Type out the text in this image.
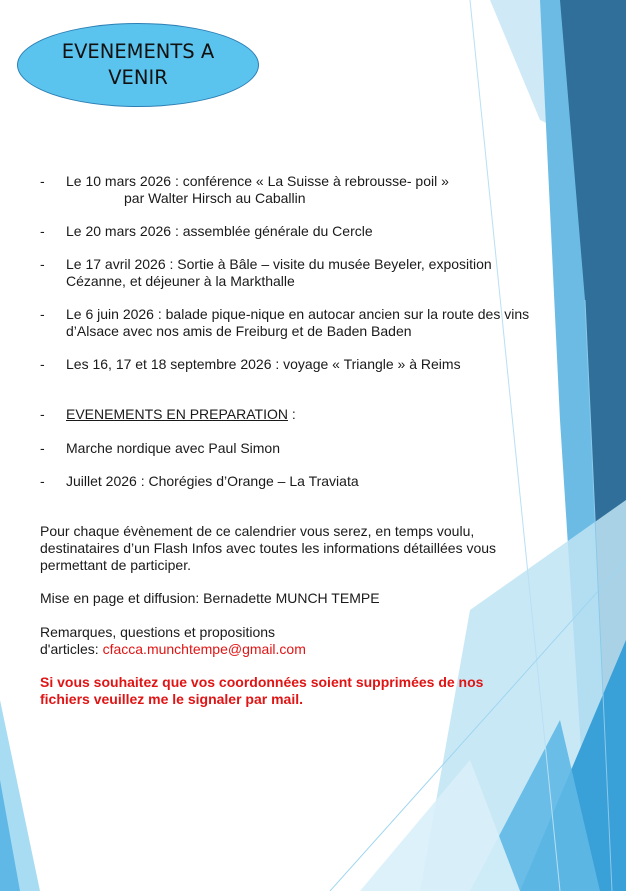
EVENEMENTS A VENIR
- Le 10 mars 2026 : conférence « La Suisse à rebrousse- poil »
par Walter Hirsch au Caballin
- Le 20 mars 2026 : assemblée générale du Cercle
- Le 17 avril 2026 : Sortie à Bâle – visite du musée Beyeler, exposition
Cézanne, et déjeuner à la Markthalle
- Le 6 juin 2026 : balade pique-nique en autocar ancien sur la route des vins
d’Alsace avec nos amis de Freiburg et de Baden Baden
- Les 16, 17 et 18 septembre 2026 : voyage « Triangle » à Reims
- EVENEMENTS EN PREPARATION :
- Marche nordique avec Paul Simon
- Juillet 2026 : Chorégies d’Orange – La Traviata
Pour chaque évènement de ce calendrier vous serez, en temps voulu, destinataires d’un Flash Infos avec toutes les informations détaillées vous permettant de participer.
Mise en page et diffusion: Bernadette MUNCH TEMPE
Remarques, questions et propositions
d'articles: cfacca.munchtempe@gmail.com
Si vous souhaitez que vos coordonnées soient supprimées de nos fichiers veuillez me le signaler par mail.
